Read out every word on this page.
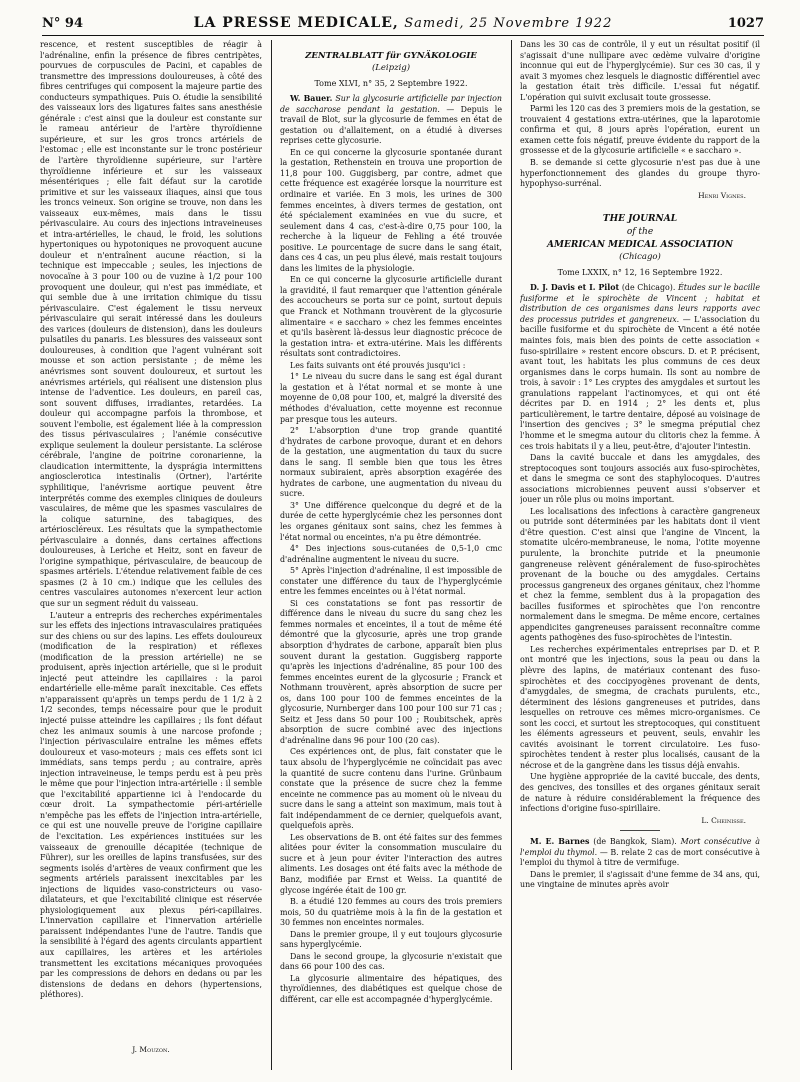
N° 94	LA PRESSE MEDICALE, Samedi, 25 Novembre 1922	1027

rescence, et restent susceptibles de réagir à l'adrénaline, enfin la présence de fibres centripètes, pourvues de corpuscules de Pacini, et capables de transmettre des impressions douloureuses, à côté des fibres centrifuges qui composent la majeure partie des conducteurs sympathiques. Puis O. étudie la sensibilité des vaisseaux lors des ligatures faites sans anesthésie générale : c'est ainsi que la douleur est constante sur le rameau antérieur de l'artère thyroïdienne supérieure, et sur les gros troncs artériels de l'estomac ; elle est inconstante sur le tronc postérieur de l'artère thyroïdienne supérieure, sur l'artère thyroïdienne inférieure et sur les vaisseaux mésentériques ; elle fait défaut sur la carotide primitive et sur les vaisseaux iliaques, ainsi que tous les troncs veineux. Son origine se trouve, non dans les vaisseaux eux-mêmes, mais dans le tissu périvasculaire. Au cours des injections intraveineuses et intra-artérielles, le chaud, le froid, les solutions hypertoniques ou hypotoniques ne provoquent aucune douleur et n'entraînent aucune réaction, si la technique est impeccable ; seules, les injections de novocaïne à 3 pour 100 ou de vuzine à 1/2 pour 100 provoquent une douleur, qui n'est pas immédiate, et qui semble due à une irritation chimique du tissu périvasculaire. C'est également le tissu nerveux périvasculaire qui serait intéressé dans les douleurs des varices (douleurs de distension), dans les douleurs pulsatiles du panaris. Les blessures des vaisseaux sont douloureuses, à condition que l'agent vulnérant soit mousse et son action persistante ; de même les anévrismes sont souvent douloureux, et surtout les anévrismes artériels, qui réalisent une distension plus intense de l'adventice. Les douleurs, en pareil cas, sont souvent diffuses, irradiantes, retardées. La douleur qui accompagne parfois la thrombose, et souvent l'embolie, est également liée à la compression des tissus périvasculaires ; l'anémie consécutive explique seulement la douleur persistante. La sclérose cérébrale, l'angine de poitrine coronarienne, la claudication intermittente, la dysprágia intermittens angiosclerotica intestinalis (Ortner), l'artérite syphilitique, l'anévrisme aortique peuvent être interprétés comme des exemples cliniques de douleurs vasculaires, de même que les spasmes vasculaires de la colique saturnine, des tabagiques, des artérioscléreux. Les résultats que la sympathectomie périvasculaire a donnés, dans certaines affections douloureuses, à Leriche et Heitz, sont en faveur de l'origine sympathique, périvasculaire, de beaucoup de spasmes artériels. L'étendue relativement faible de ces spasmes (2 à 10 cm.) indique que les cellules des centres vasculaires autonomes n'exercent leur action que sur un segment réduit du vaisseau.

L'auteur a entrepris des recherches expérimentales sur les effets des injections intravasculaires pratiquées sur des chiens ou sur des lapins. Les effets douloureux (modification de la respiration) et réflexes (modification de la pression artérielle) ne se produisent, après injection artérielle, que si le produit injecté peut atteindre les capillaires : la paroi endartérielle elle-même paraît inexcitable. Ces effets n'apparaissent qu'après un temps perdu de 1 1/2 à 2 1/2 secondes, temps nécessaire pour que le produit injecté puisse atteindre les capillaires ; ils font défaut chez les animaux soumis à une narcose profonde ; l'injection périvasculaire entraîne les mêmes effets douloureux et vaso-moteurs ; mais ces effets sont ici immédiats, sans temps perdu ; au contraire, après injection intraveineuse, le temps perdu est à peu près le même que pour l'injection intra-artérielle : il semble que l'excitabilité appartienne ici à l'endocarde du cœur droit. La sympathectomie péri-artérielle n'empêche pas les effets de l'injection intra-artérielle, ce qui est une nouvelle preuve de l'origine capillaire de l'excitation. Les expériences instituées sur les vaisseaux de grenouille décapitée (technique de Führer), sur les oreilles de lapins transfusées, sur des segments isolés d'artères de veaux confirment que les segments artériels paraissent inexcitables par les injections de liquides vaso-constricteurs ou vaso-dilatateurs, et que l'excitabilité clinique est réservée physiologiquement aux plexus péri-capillaires. L'innervation capillaire et l'innervation artérielle paraissent indépendantes l'une de l'autre. Tandis que la sensibilité à l'égard des agents circulants appartient aux capillaires, les artères et les artérioles transmettent les excitations mécaniques provoquées par les compressions de dehors en dedans ou par les distensions de dedans en dehors (hypertensions, pléthores).

J. Mouzon.
ZENTRALBLATT für GYNÄKOLOGIE
(Leipzig)
Tome XLVI, n° 35, 2 Septembre 1922.

W. Bauer. Sur la glycosurie artificielle par injection de saccharose pendant la gestation. — Depuis le travail de Blot, sur la glycosurie de femmes en état de gestation ou d'allaitement, on a étudié à diverses reprises cette glycosurie.

En ce qui concerne la glycosurie spontanée durant la gestation, Rethenstein en trouva une proportion de 11,8 pour 100. Guggisberg, par contre, admet que cette fréquence est exagérée lorsque la nourriture est ordinaire et variée. En 3 mois, les urines de 300 femmes enceintes, à divers termes de gestation, ont été spécialement examinées en vue du sucre, et seulement dans 4 cas, c'est-à-dire 0,75 pour 100, la recherche à la liqueur de Fehling a été trouvée positive. Le pourcentage de sucre dans le sang était, dans ces 4 cas, un peu plus élevé, mais restait toujours dans les limites de la physiologie.

En ce qui concerne la glycosurie artificielle durant la gravidité, il faut remarquer que l'attention générale des accoucheurs se porta sur ce point, surtout depuis que Franck et Nothmann trouvèrent de la glycosurie alimentaire « e saccharo » chez les femmes enceintes et qu'ils basèrent là-dessus leur diagnostic précoce de la gestation intra- et extra-utérine. Mais les différents résultats sont contradictoires.

Les faits suivants ont été prouvés jusqu'ici :

1° Le niveau du sucre dans le sang est égal durant la gestation et à l'état normal et se monte à une moyenne de 0,08 pour 100, et, malgré la diversité des méthodes d'évaluation, cette moyenne est reconnue par presque tous les auteurs.

2° L'absorption d'une trop grande quantité d'hydrates de carbone provoque, durant et en dehors de la gestation, une augmentation du taux du sucre dans le sang. Il semble bien que tous les êtres normaux subiraient, après absorption exagérée des hydrates de carbone, une augmentation du niveau du sucre.

3° Une différence quelconque du degré et de la durée de cette hyperglycémie chez les personnes dont les organes génitaux sont sains, chez les femmes à l'état normal ou enceintes, n'a pu être démontrée.

4° Des injections sous-cutanées de 0,5-1,0 cmc d'adrénaline augmentent le niveau du sucre.

5° Après l'injection d'adrénaline, il est impossible de constater une différence du taux de l'hyperglycémie entre les femmes enceintes ou à l'état normal.

Si ces constatations se font pas ressortir de différence dans le niveau du sucre du sang chez les femmes normales et enceintes, il a tout de même été démontré que la glycosurie, après une trop grande absorption d'hydrates de carbone, apparaît bien plus souvent durant la gestation. Guggisberg rapporte qu'après les injections d'adrénaline, 85 pour 100 des femmes enceintes eurent de la glycosurie ; Franck et Nothmann trouvèrent, après absorption de sucre per os, dans 100 pour 100 de femmes enceintes de la glycosurie, Nurnberger dans 100 pour 100 sur 71 cas ; Seitz et Jess dans 50 pour 100 ; Roubitschek, après absorption de sucre combiné avec des injections d'adrénaline dans 96 pour 100 (20 cas).

Ces expériences ont, de plus, fait constater que le taux absolu de l'hyperglycémie ne coïncidait pas avec la quantité de sucre contenu dans l'urine. Grünbaum constate que la présence de sucre chez la femme enceinte ne commence pas au moment où le niveau du sucre dans le sang a atteint son maximum, mais tout à fait indépendamment de ce dernier, quelquefois avant, quelquefois après.

Les observations de B. ont été faites sur des femmes alitées pour éviter la consommation musculaire du sucre et à jeun pour éviter l'interaction des autres aliments. Les dosages ont été faits avec la méthode de Banz, modifiée par Ernst et Weiss. La quantité de glycose ingérée était de 100 gr.

B. a étudié 120 femmes au cours des trois premiers mois, 50 du quatrième mois à la fin de la gestation et 30 femmes non enceintes normales.

Dans le premier groupe, il y eut toujours glycosurie sans hyperglycémie.

Dans le second groupe, la glycosurie n'existait que dans 66 pour 100 des cas.

La glycosurie alimentaire des hépatiques, des thyroïdiennes, des diabétiques est quelque chose de différent, car elle est accompagnée d'hyperglycémie.

Dans les 30 cas de contrôle, il y eut un résultat positif (il s'agissait d'une nullipare avec œdème vulvaire d'origine inconnue qui eut de l'hyperglycémie). Sur ces 30 cas, il y avait 3 myomes chez lesquels le diagnostic différentiel avec la gestation était très difficile. L'essai fut négatif. L'opération qui suivit exclusait toute grossesse.

Parmi les 120 cas des 3 premiers mois de la gestation, se trouvaient 4 gestations extra-utérines, que la laparotomie confirma et qui, 8 jours après l'opération, eurent un examen cette fois négatif, preuve évidente du rapport de la grossesse et de la glycosurie artificielle « e saccharo ».

B. se demande si cette glycosurie n'est pas due à une hyperfonctionnement des glandes du groupe thyro-hypophyso-surrénal.

Henri Vignes.
THE JOURNAL
of the
AMERICAN MEDICAL ASSOCIATION
(Chicago)
Tome LXXIX, n° 12, 16 Septembre 1922.

D. J. Davis et I. Pilot (de Chicago). Études sur le bacille fusiforme et le spirochète de Vincent ; habitat et distribution de ces organismes dans leurs rapports avec des processus putrides et gangreneux. — L'association du bacille fusiforme et du spirochète de Vincent a été notée maintes fois, mais bien des points de cette association « fuso-spirillaire » restent encore obscurs. D. et P. précisent, avant tout, les habitats les plus communs de ces deux organismes dans le corps humain. Ils sont au nombre de trois, à savoir : 1° Les cryptes des amygdales et surtout les granulations rappelant l'actinomyces, et qui ont été décrites par D. en 1914 ; 2° les dents et, plus particulièrement, le tartre dentaire, déposé au voisinage de l'insertion des gencives ; 3° le smegma préputial chez l'homme et le smegma autour du clitoris chez la femme. À ces trois habitats il y a lieu, peut-être, d'ajouter l'intestin.

Dans la cavité buccale et dans les amygdales, des streptocoques sont toujours associés aux fuso-spirochètes, et dans le smegma ce sont des staphylocoques. D'autres associations microbiennes peuvent aussi s'observer et jouer un rôle plus ou moins important.

Les localisations des infections à caractère gangreneux ou putride sont déterminées par les habitats dont il vient d'être question. C'est ainsi que l'angine de Vincent, la stomatite ulcéro-membraneuse, le noma, l'otite moyenne purulente, la bronchite putride et la pneumonie gangreneuse relèvent généralement de fuso-spirochètes provenant de la bouche ou des amygdales. Certains processus gangreneux des organes génitaux, chez l'homme et chez la femme, semblent dus à la propagation des bacilles fusiformes et spirochètes que l'on rencontre normalement dans le smegma. De même encore, certaines appendicites gangreneuses paraissent reconnaître comme agents pathogènes des fuso-spirochètes de l'intestin.

Les recherches expérimentales entreprises par D. et P. ont montré que les injections, sous la peau ou dans la plèvre des lapins, de matériaux contenant des fuso-spirochètes et des coccipyogènes provenant de dents, d'amygdales, de smegma, de crachats purulents, etc., déterminent des lésions gangreneuses et putrides, dans lesquelles on retrouve ces mêmes micro-organismes. Ce sont les cocci, et surtout les streptocoques, qui constituent les éléments agresseurs et peuvent, seuls, envahir les cavités avoisinant le torrent circulatoire. Les fuso-spirochètes tendent à rester plus localisés, causant de la nécrose et de la gangrène dans les tissus déjà envahis.

Une hygiène appropriée de la cavité buccale, des dents, des gencives, des tonsilles et des organes génitaux serait de nature à réduire considérablement la fréquence des infections d'origine fuso-spirillaire.

L. Cheinisse.

M. E. Barnes (de Bangkok, Siam). Mort consécutive à l'emploi du thymol. — B. relate 2 cas de mort consécutive à l'emploi du thymol à titre de vermifuge.

Dans le premier, il s'agissait d'une femme de 34 ans, qui, une vingtaine de minutes après avoir
